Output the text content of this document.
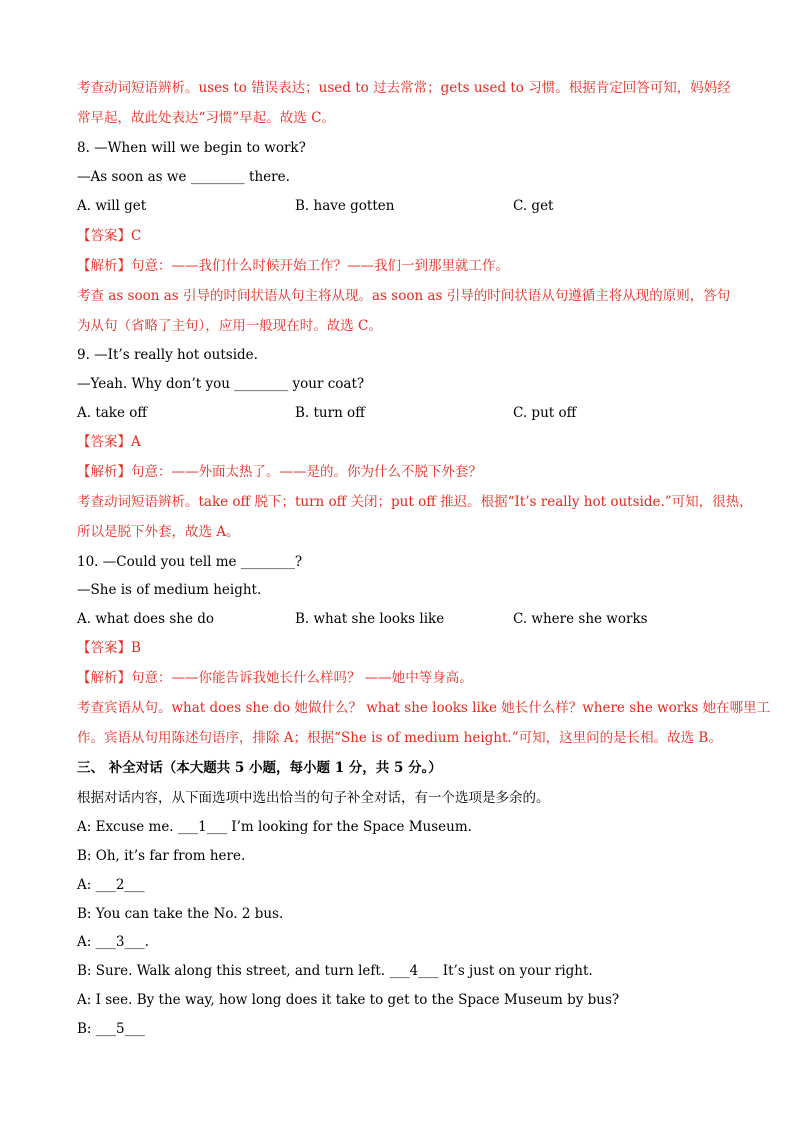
考查动词短语辨析。uses to 错误表达；used to 过去常常；gets used to 习惯。根据肯定回答可知，妈妈经
常早起，故此处表达“习惯”早起。故选 C。
8. —When will we begin to work?
—As soon as we ________ there.
A. will get	B. have gotten	C. get
【答案】C
【解析】句意：——我们什么时候开始工作？——我们一到那里就工作。
考查 as soon as 引导的时间状语从句主将从现。as soon as 引导的时间状语从句遵循主将从现的原则，答句
为从句（省略了主句），应用一般现在时。故选 C。
9. —It’s really hot outside.
—Yeah. Why don’t you ________ your coat?
A. take off	B. turn off	C. put off
【答案】A
【解析】句意：——外面太热了。——是的。你为什么不脱下外套？
考查动词短语辨析。take off 脱下；turn off 关闭；put off 推迟。根据“It’s really hot outside.”可知，很热，
所以是脱下外套，故选 A。
10. —Could you tell me ________?
—She is of medium height.
A. what does she do	B. what she looks like	C. where she works
【答案】B
【解析】句意：——你能告诉我她长什么样吗？ ——她中等身高。
考查宾语从句。what does she do 她做什么？ what she looks like 她长什么样？where she works 她在哪里工
作。宾语从句用陈述句语序，排除 A；根据“She is of medium height.”可知，这里问的是长相。故选 B。
三、 补全对话（本大题共 5 小题，每小题 1 分，共 5 分。）
根据对话内容，从下面选项中选出恰当的句子补全对话，有一个选项是多余的。
A: Excuse me. ___1___ I’m looking for the Space Museum.
B: Oh, it’s far from here.
A: ___2___
B: You can take the No. 2 bus.
A: ___3___.
B: Sure. Walk along this street, and turn left. ___4___ It’s just on your right.
A: I see. By the way, how long does it take to get to the Space Museum by bus?
B: ___5___
